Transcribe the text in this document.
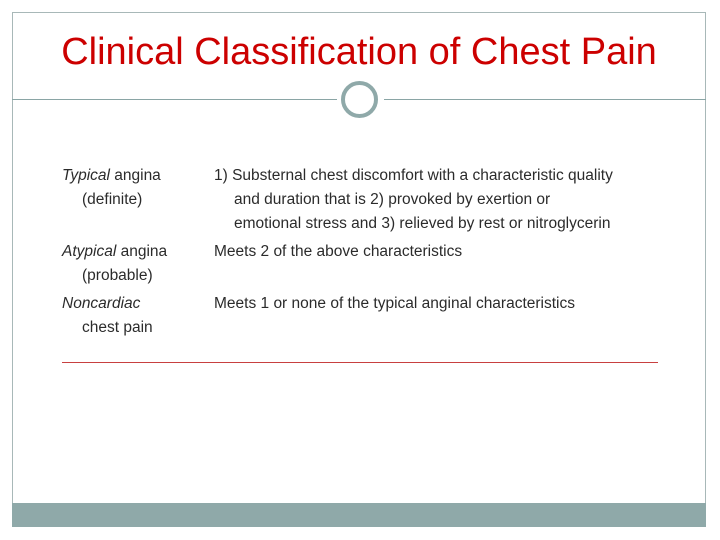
Clinical Classification of Chest Pain
Typical angina
(definite)
1) Substernal chest discomfort with a characteristic quality
and duration that is 2) provoked by exertion or
emotional stress and 3) relieved by rest or nitroglycerin
Atypical angina
(probable)
Meets 2 of the above characteristics
Noncardiac
chest pain
Meets 1 or none of the typical anginal characteristics
